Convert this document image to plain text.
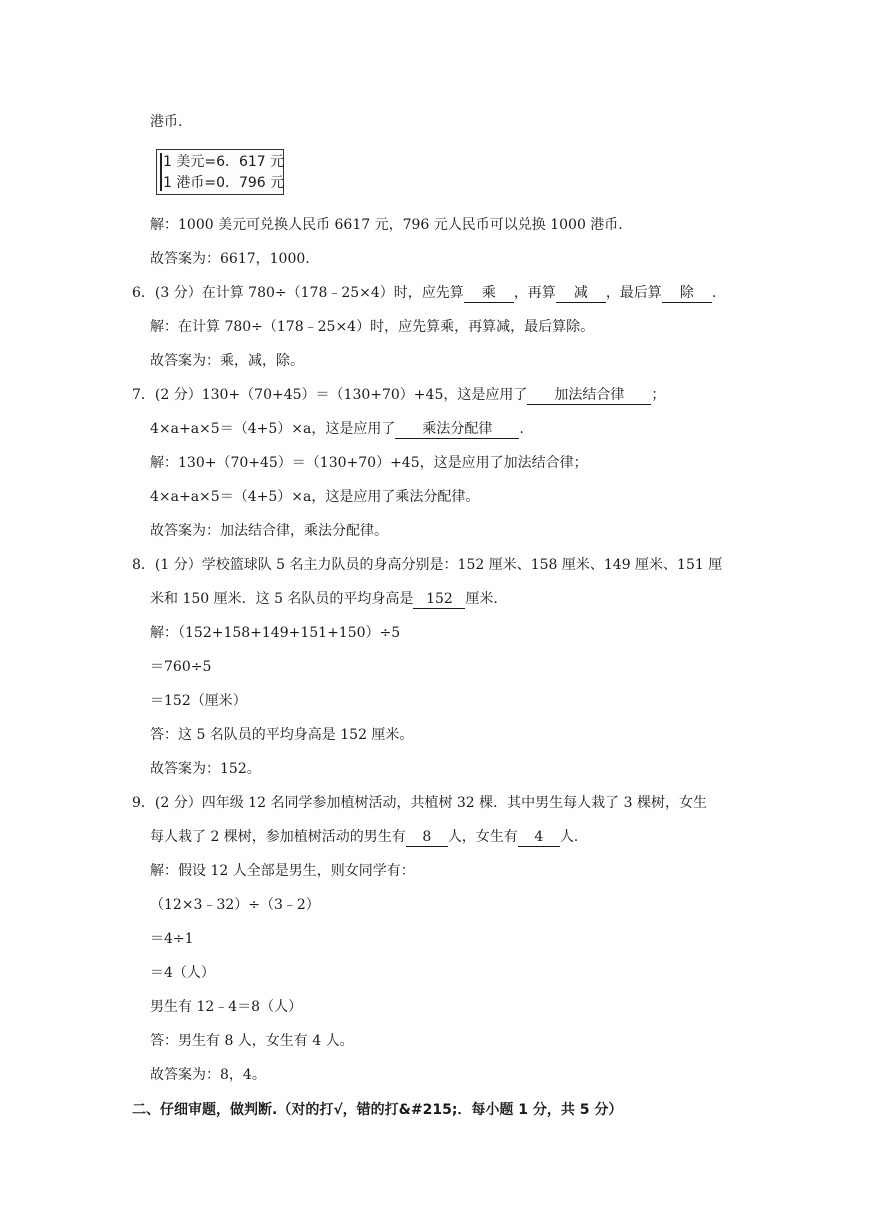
港币.
1 美元=6．617 元
1 港币=0．796 元
解：1000 美元可兑换人民币 6617 元，796 元人民币可以兑换 1000 港币.
故答案为：6617，1000.
6．(3 分）在计算 780÷（178﹣25×4）时，应先算 乘 ，再算 减 ，最后算 除 .
解：在计算 780÷（178﹣25×4）时，应先算乘，再算减，最后算除。
故答案为：乘，减，除。
7．(2 分）130+（70+45）＝（130+70）+45，这是应用了 加法结合律 ；
4×a+a×5＝（4+5）×a，这是应用了 乘法分配律 .
解：130+（70+45）＝（130+70）+45，这是应用了加法结合律；
4×a+a×5＝（4+5）×a，这是应用了乘法分配律。
故答案为：加法结合律，乘法分配律。
8．(1 分）学校篮球队 5 名主力队员的身高分别是：152 厘米、158 厘米、149 厘米、151 厘
米和 150 厘米．这 5 名队员的平均身高是 152 厘米.
解：（152+158+149+151+150）÷5
＝760÷5
＝152（厘米）
答：这 5 名队员的平均身高是 152 厘米。
故答案为：152。
9．(2 分）四年级 12 名同学参加植树活动，共植树 32 棵．其中男生每人栽了 3 棵树，女生
每人栽了 2 棵树，参加植树活动的男生有 8 人，女生有 4 人.
解：假设 12 人全部是男生，则女同学有：
（12×3﹣32）÷（3﹣2）
＝4÷1
＝4（人）
男生有 12﹣4＝8（人）
答：男生有 8 人，女生有 4 人。
故答案为：8，4。
二、仔细审题，做判断.（对的打√，错的打&#215;．每小题 1 分，共 5 分）
